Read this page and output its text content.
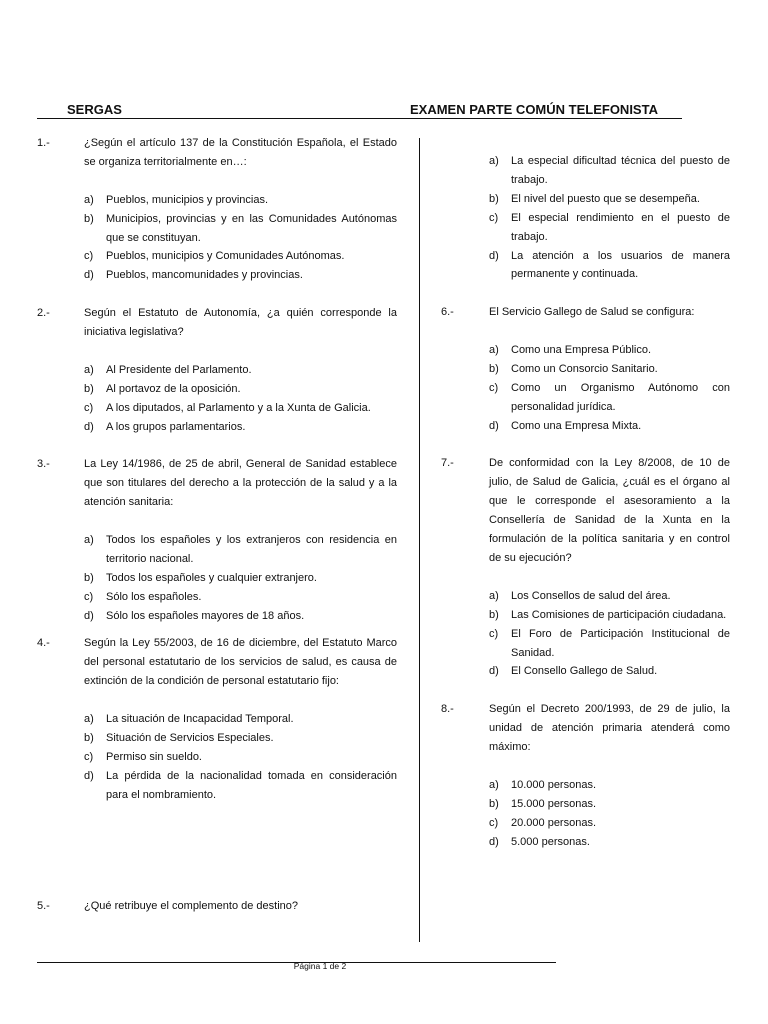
SERGAS	EXAMEN PARTE COMÚN TELEFONISTA
1.-	¿Según el artículo 137 de la Constitución Española, el Estado se organiza territorialmente en…:
a)	Pueblos, municipios y provincias.
b)	Municipios, provincias y en las Comunidades Autónomas que se constituyan.
c)	Pueblos, municipios y Comunidades Autónomas.
d)	Pueblos, mancomunidades y provincias.
2.-	Según el Estatuto de Autonomía, ¿a quién corresponde la iniciativa legislativa?
a)	Al Presidente del Parlamento.
b)	Al portavoz de la oposición.
c)	A los diputados, al Parlamento y a la Xunta de Galicia.
d)	A los grupos parlamentarios.
3.-	La Ley 14/1986, de 25 de abril, General de Sanidad establece que son titulares del derecho a la protección de la salud y a la atención sanitaria:
a)	Todos los españoles y los extranjeros con residencia en territorio nacional.
b)	Todos los españoles y cualquier extranjero.
c)	Sólo los españoles.
d)	Sólo los españoles mayores de 18 años.
4.-	Según la Ley 55/2003, de 16 de diciembre, del Estatuto Marco del personal estatutario de los servicios de salud, es causa de extinción de la condición de personal estatutario fijo:
a)	La situación de Incapacidad Temporal.
b)	Situación de Servicios Especiales.
c)	Permiso sin sueldo.
d)	La pérdida de la nacionalidad tomada en consideración para el nombramiento.
5.-	¿Qué retribuye el complemento de destino?
a)	La especial dificultad técnica del puesto de trabajo.
b)	El nivel del puesto que se desempeña.
c)	El especial rendimiento en el puesto de trabajo.
d)	La atención a los usuarios de manera permanente y continuada.
6.-	El Servicio Gallego de Salud se configura:
a)	Como una Empresa Público.
b)	Como un Consorcio Sanitario.
c)	Como un Organismo Autónomo con personalidad jurídica.
d)	Como una Empresa Mixta.
7.-	De conformidad con la Ley 8/2008, de 10 de julio, de Salud de Galicia, ¿cuál es el órgano al que le corresponde el asesoramiento a la Consellería de Sanidad de la Xunta en la formulación de la política sanitaria y en control de su ejecución?
a)	Los Consellos de salud del área.
b)	Las Comisiones de participación ciudadana.
c)	El Foro de Participación Institucional de Sanidad.
d)	El Consello Gallego de Salud.
8.-	Según el Decreto 200/1993, de 29 de julio, la unidad de atención primaria atenderá como máximo:
a)	10.000 personas.
b)	15.000 personas.
c)	20.000 personas.
d)	5.000 personas.
Página 1 de 2
